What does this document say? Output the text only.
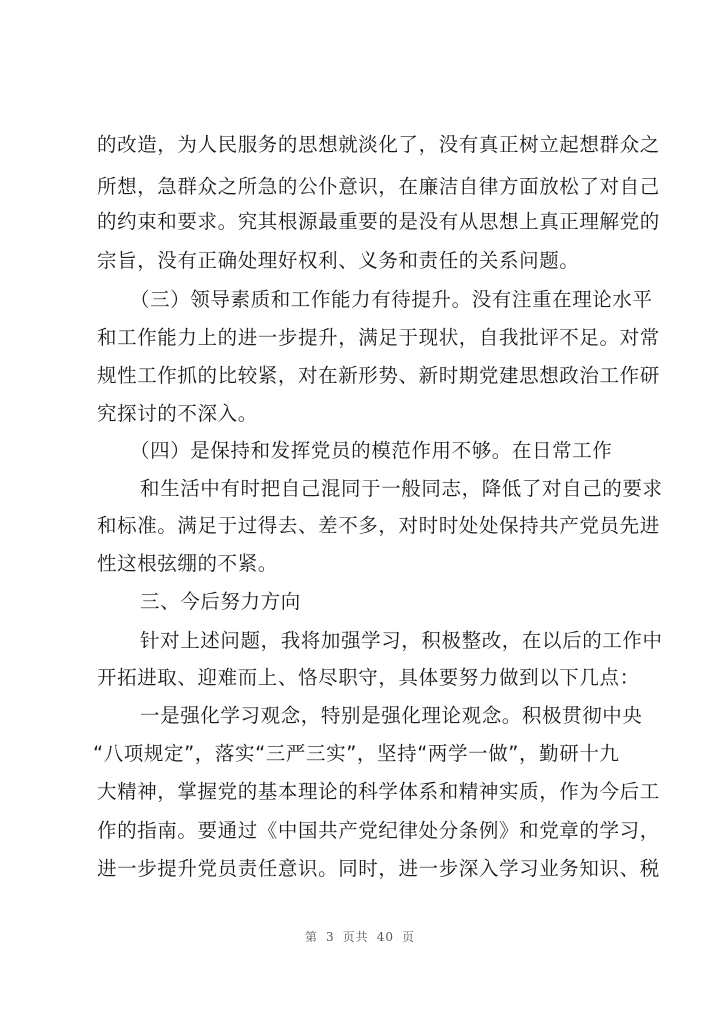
的改造，为人民服务的思想就淡化了，没有真正树立起想群众之

所想，急群众之所急的公仆意识，在廉洁自律方面放松了对自己

的约束和要求。究其根源最重要的是没有从思想上真正理解党的

宗旨，没有正确处理好权利、义务和责任的关系问题。

（三）领导素质和工作能力有待提升。没有注重在理论水平

和工作能力上的进一步提升，满足于现状，自我批评不足。对常

规性工作抓的比较紧，对在新形势、新时期党建思想政治工作研

究探讨的不深入。

（四）是保持和发挥党员的模范作用不够。在日常工作

和生活中有时把自己混同于一般同志，降低了对自己的要求

和标准。满足于过得去、差不多，对时时处处保持共产党员先进

性这根弦绷的不紧。

三、今后努力方向

针对上述问题，我将加强学习，积极整改，在以后的工作中

开拓进取、迎难而上、恪尽职守，具体要努力做到以下几点：

一是强化学习观念，特别是强化理论观念。积极贯彻中央

“八项规定”，落实“三严三实”，坚持“两学一做”，勤研十九

大精神，掌握党的基本理论的科学体系和精神实质，作为今后工

作的指南。要通过《中国共产党纪律处分条例》和党章的学习，

进一步提升党员责任意识。同时，进一步深入学习业务知识、税

第 3 页共 40 页
